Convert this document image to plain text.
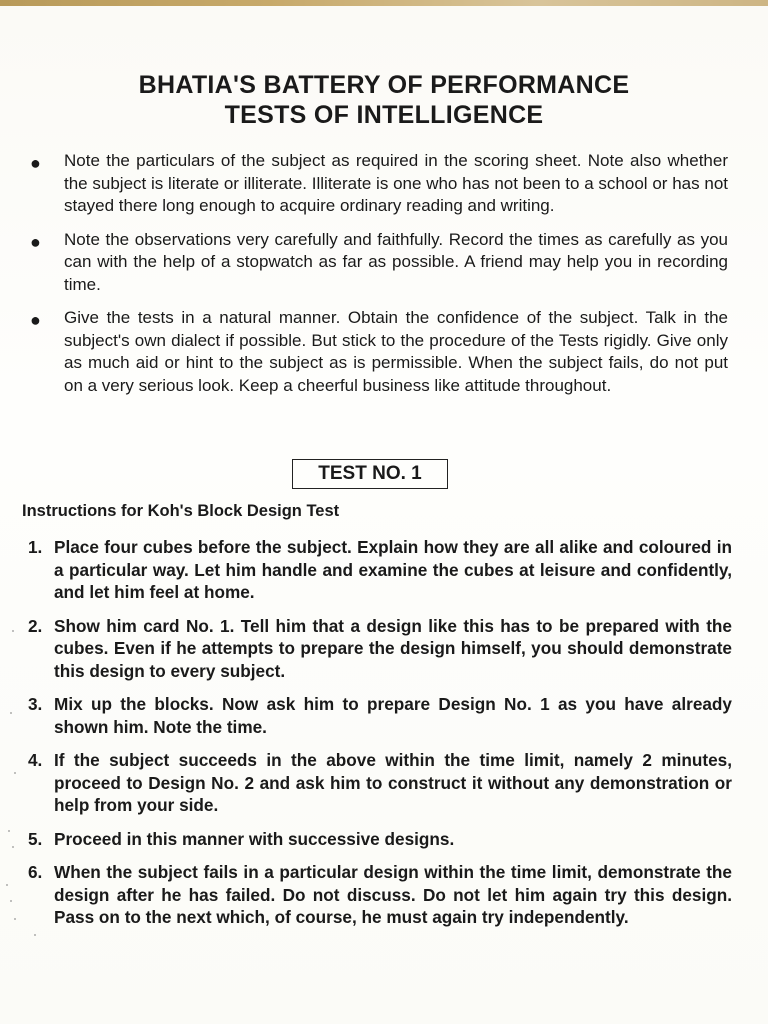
BHATIA'S BATTERY OF PERFORMANCE
TESTS OF INTELLIGENCE
● Note the particulars of the subject as required in the scoring sheet. Note also whether the subject is literate or illiterate. Illiterate is one who has not been to a school or has not stayed there long enough to acquire ordinary reading and writing.
● Note the observations very carefully and faithfully. Record the times as carefully as you can with the help of a stopwatch as far as possible. A friend may help you in recording time.
● Give the tests in a natural manner. Obtain the confidence of the subject. Talk in the subject's own dialect if possible. But stick to the procedure of the Tests rigidly. Give only as much aid or hint to the subject as is permissible. When the subject fails, do not put on a very serious look. Keep a cheerful business like attitude throughout.
TEST NO. 1
Instructions for Koh's Block Design Test
1. Place four cubes before the subject. Explain how they are all alike and coloured in a particular way. Let him handle and examine the cubes at leisure and confidently, and let him feel at home.
2. Show him card No. 1. Tell him that a design like this has to be prepared with the cubes. Even if he attempts to prepare the design himself, you should demonstrate this design to every subject.
3. Mix up the blocks. Now ask him to prepare Design No. 1 as you have already shown him. Note the time.
4. If the subject succeeds in the above within the time limit, namely 2 minutes, proceed to Design No. 2 and ask him to construct it without any demonstration or help from your side.
5. Proceed in this manner with successive designs.
6. When the subject fails in a particular design within the time limit, demonstrate the design after he has failed. Do not discuss. Do not let him again try this design. Pass on to the next which, of course, he must again try independently.
